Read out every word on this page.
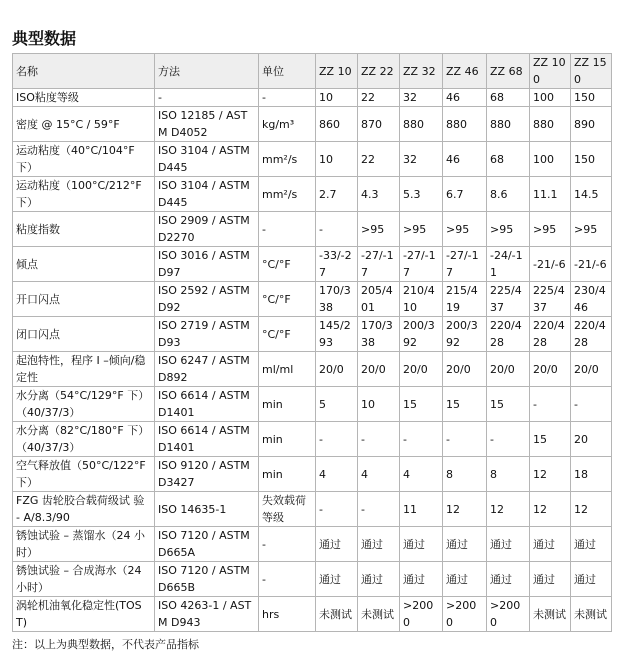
典型数据
名称	方法	单位	ZZ 10	ZZ 22	ZZ 32	ZZ 46	ZZ 68	ZZ 100	ZZ 150
ISO粘度等级	-	-	10	22	32	46	68	100	150
密度 @ 15°C / 59°F	ISO 12185 / ASTM D4052	kg/m³	860	870	880	880	880	880	890
运动粘度（40°C/104°F下）	ISO 3104 / ASTM D445	mm²/s	10	22	32	46	68	100	150
运动粘度（100°C/212°F下）	ISO 3104 / ASTM D445	mm²/s	2.7	4.3	5.3	6.7	8.6	11.1	14.5
粘度指数	ISO 2909 / ASTM D2270	-	-	>95	>95	>95	>95	>95	>95
倾点	ISO 3016 / ASTM D97	°C/°F	-33/-27	-27/-17	-27/-17	-27/-17	-24/-11	-21/-6	-21/-6
开口闪点	ISO 2592 / ASTM D92	°C/°F	170/338	205/401	210/410	215/419	225/437	225/437	230/446
闭口闪点	ISO 2719 / ASTM D93	°C/°F	145/293	170/338	200/392	200/392	220/428	220/428	220/428
起泡特性，程序 I –倾向/稳定性	ISO 6247 / ASTM D892	ml/ml	20/0	20/0	20/0	20/0	20/0	20/0	20/0
水分离（54°C/129°F 下）（40/37/3）	ISO 6614 / ASTM D1401	min	5	10	15	15	15	-	-
水分离（82°C/180°F 下）（40/37/3）	ISO 6614 / ASTM D1401	min	-	-	-	-	-	15	20
空气释放值（50°C/122°F下）	ISO 9120 / ASTM D3427	min	4	4	4	8	8	12	18
FZG 齿轮胶合载荷级试 验 - A/8.3/90	ISO 14635-1	失效载荷等级	-	-	11	12	12	12	12
锈蚀试验 – 蒸馏水（24 小时）	ISO 7120 / ASTM D665A	-	通过	通过	通过	通过	通过	通过	通过
锈蚀试验 – 合成海水（24 小时）	ISO 7120 / ASTM D665B	-	通过	通过	通过	通过	通过	通过	通过
涡轮机油氧化稳定性(TOST)	ISO 4263-1 / ASTM D943	hrs	未测试	未测试	>2000	>2000	>2000	未测试	未测试
注：以上为典型数据，不代表产品指标
